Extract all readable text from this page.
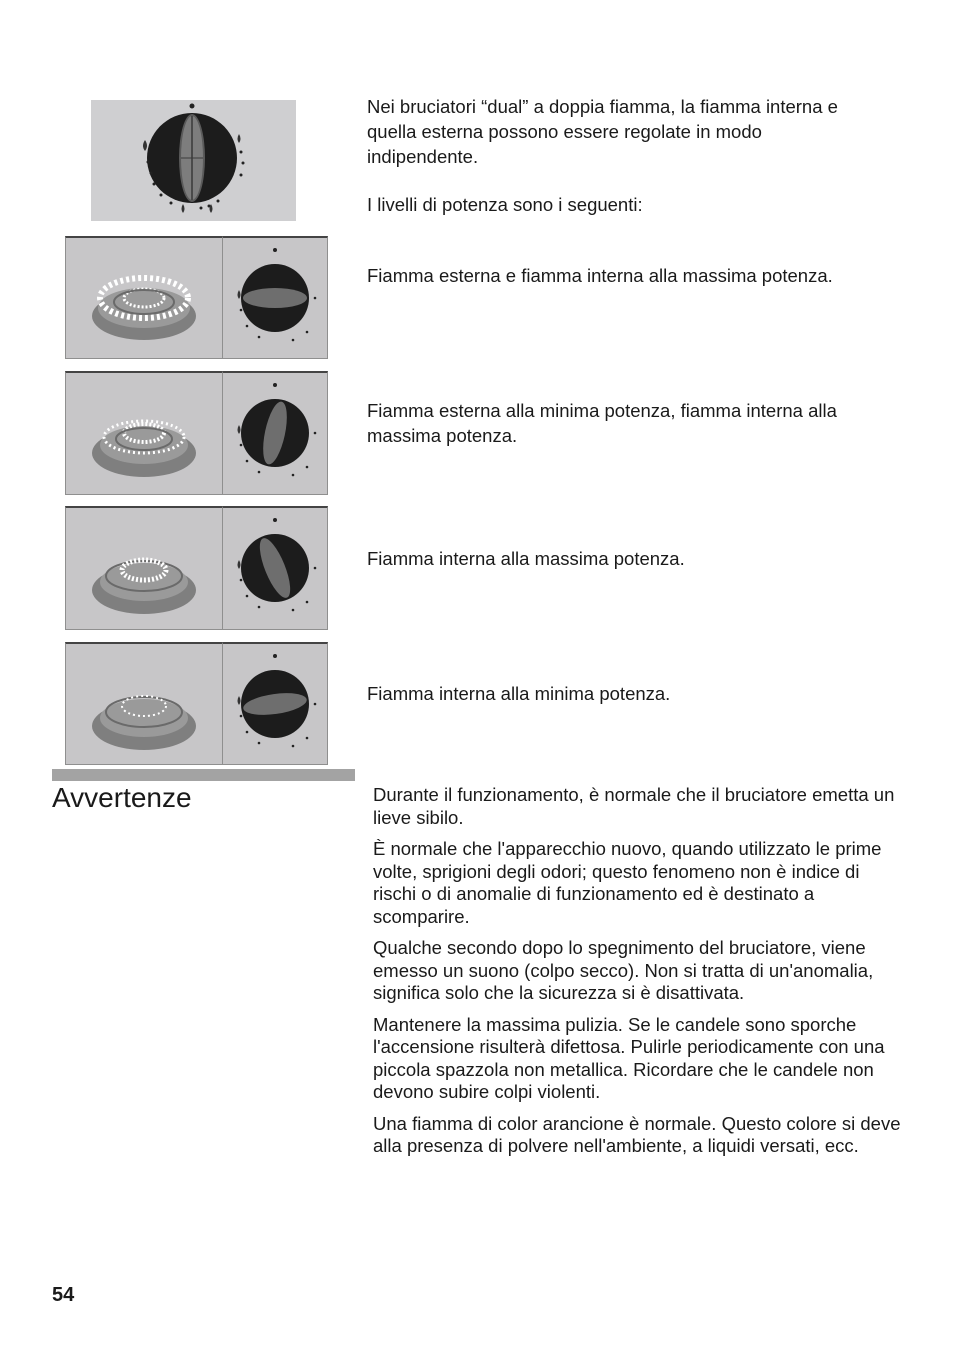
Nei bruciatori “dual” a doppia fiamma, la fiamma interna e quella esterna possono essere regolate in modo indipendente.

I livelli di potenza sono i seguenti:

Fiamma esterna e fiamma interna alla massima potenza.

Fiamma esterna alla minima potenza, fiamma interna alla massima potenza.

Fiamma interna alla massima potenza.

Fiamma interna alla minima potenza.

Avvertenze	Durante il funzionamento, è normale che il bruciatore emetta un lieve sibilo.

È normale che l'apparecchio nuovo, quando utilizzato le prime volte, sprigioni degli odori; questo fenomeno non è indice di rischi o di anomalie di funzionamento ed è destinato a scomparire.

Qualche secondo dopo lo spegnimento del bruciatore, viene emesso un suono (colpo secco). Non si tratta di un'anomalia, significa solo che la sicurezza si è disattivata.

Mantenere la massima pulizia. Se le candele sono sporche l'accensione risulterà difettosa. Pulirle periodicamente con una piccola spazzola non metallica. Ricordare che le candele non devono subire colpi violenti.

Una fiamma di color arancione è normale. Questo colore si deve alla presenza di polvere nell'ambiente, a liquidi versati, ecc.

54
